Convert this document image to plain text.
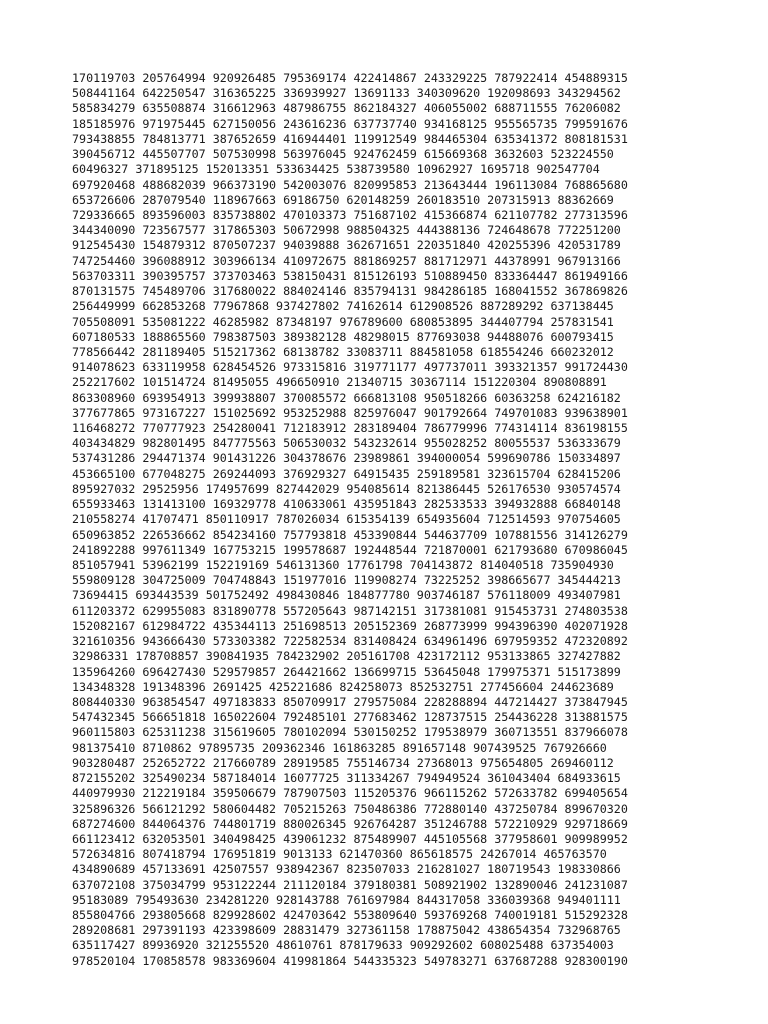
170119703 205764994 920926485 795369174 422414867 243329225 787922414 454889315
508441164 642250547 316365225 336939927 13691133 340309620 192098693 343294562
585834279 635508874 316612963 487986755 862184327 406055002 688711555 76206082
185185976 971975445 627150056 243616236 637737740 934168125 955565735 799591676
793438855 784813771 387652659 416944401 119912549 984465304 635341372 808181531
390456712 445507707 507530998 563976045 924762459 615669368 3632603 523224550
60496327 371895125 152013351 533634425 538739580 10962927 1695718 902547704
697920468 488682039 966373190 542003076 820995853 213643444 196113084 768865680
653726606 287079540 118967663 69186750 620148259 260183510 207315913 88362669
729336665 893596003 835738802 470103373 751687102 415366874 621107782 277313596
344340090 723567577 317865303 50672998 988504325 444388136 724648678 772251200
912545430 154879312 870507237 94039888 362671651 220351840 420255396 420531789
747254460 396088912 303966134 410972675 881869257 881712971 44378991 967913166
563703311 390395757 373703463 538150431 815126193 510889450 833364447 861949166
870131575 745489706 317680022 884024146 835794131 984286185 168041552 367869826
256449999 662853268 77967868 937427802 74162614 612908526 887289292 637138445
705508091 535081222 46285982 87348197 976789600 680853895 344407794 257831541
607180533 188865560 798387503 389382128 48298015 877693038 94488076 600793415
778566442 281189405 515217362 68138782 33083711 884581058 618554246 660232012
914078623 633119958 628454526 973315816 319771177 497737011 393321357 991724430
252217602 101514724 81495055 496650910 21340715 30367114 151220304 890808891
863308960 693954913 399938807 370085572 666813108 950518266 60363258 624216182
377677865 973167227 151025692 953252988 825976047 901792664 749701083 939638901
116468272 770777923 254280041 712183912 283189404 786779996 774314114 836198155
403434829 982801495 847775563 506530032 543232614 955028252 80055537 536333679
537431286 294471374 901431226 304378676 23989861 394000054 599690786 150334897
453665100 677048275 269244093 376929327 64915435 259189581 323615704 628415206
895927032 29525956 174957699 827442029 954085614 821386445 526176530 930574574
655933463 131413100 169329778 410633061 435951843 282533533 394932888 66840148
210558274 41707471 850110917 787026034 615354139 654935604 712514593 970754605
650963852 226536662 854234160 757793818 453390844 544637709 107881556 314126279
241892288 997611349 167753215 199578687 192448544 721870001 621793680 670986045
851057941 53962199 152219169 546131360 17761798 704143872 814040518 735904930
559809128 304725009 704748843 151977016 119908274 73225252 398665677 345444213
73694415 693443539 501752492 498430846 184877780 903746187 576118009 493407981
611203372 629955083 831890778 557205643 987142151 317381081 915453731 274803538
152082167 612984722 435344113 251698513 205152369 268773999 994396390 402071928
321610356 943666430 573303382 722582534 831408424 634961496 697959352 472320892
32986331 178708857 390841935 784232902 205161708 423172112 953133865 327427882
135964260 696427430 529579857 264421662 136699715 53645048 179975371 515173899
134348328 191348396 2691425 425221686 824258073 852532751 277456604 244623689
808440330 963854547 497183833 850709917 279575084 228288894 447214427 373847945
547432345 566651818 165022604 792485101 277683462 128737515 254436228 313881575
960115803 625311238 315619605 780102094 530150252 179538979 360713551 837966078
981375410 8710862 97895735 209362346 161863285 891657148 907439525 767926660
903280487 252652722 217660789 28919585 755146734 27368013 975654805 269460112
872155202 325490234 587184014 16077725 311334267 794949524 361043404 684933615
440979930 212219184 359506679 787907503 115205376 966115262 572633782 699405654
325896326 566121292 580604482 705215263 750486386 772880140 437250784 899670320
687274600 844064376 744801719 880026345 926764287 351246788 572210929 929718669
661123412 632053501 340498425 439061232 875489907 445105568 377958601 909989952
572634816 807418794 176951819 9013133 621470360 865618575 24267014 465763570
434890689 457133691 42507557 938942367 823507033 216281027 180719543 198330866
637072108 375034799 953122244 211120184 379180381 508921902 132890046 241231087
95183089 795493630 234281220 928143788 761697984 844317058 336039368 949401111
855804766 293805668 829928602 424703642 553809640 593769268 740019181 515292328
289208681 297391193 423398609 28831479 327361158 178875042 438654354 732968765
635117427 89936920 321255520 48610761 878179633 909292602 608025488 637354003
978520104 170858578 983369604 419981864 544335323 549783271 637687288 928300190
